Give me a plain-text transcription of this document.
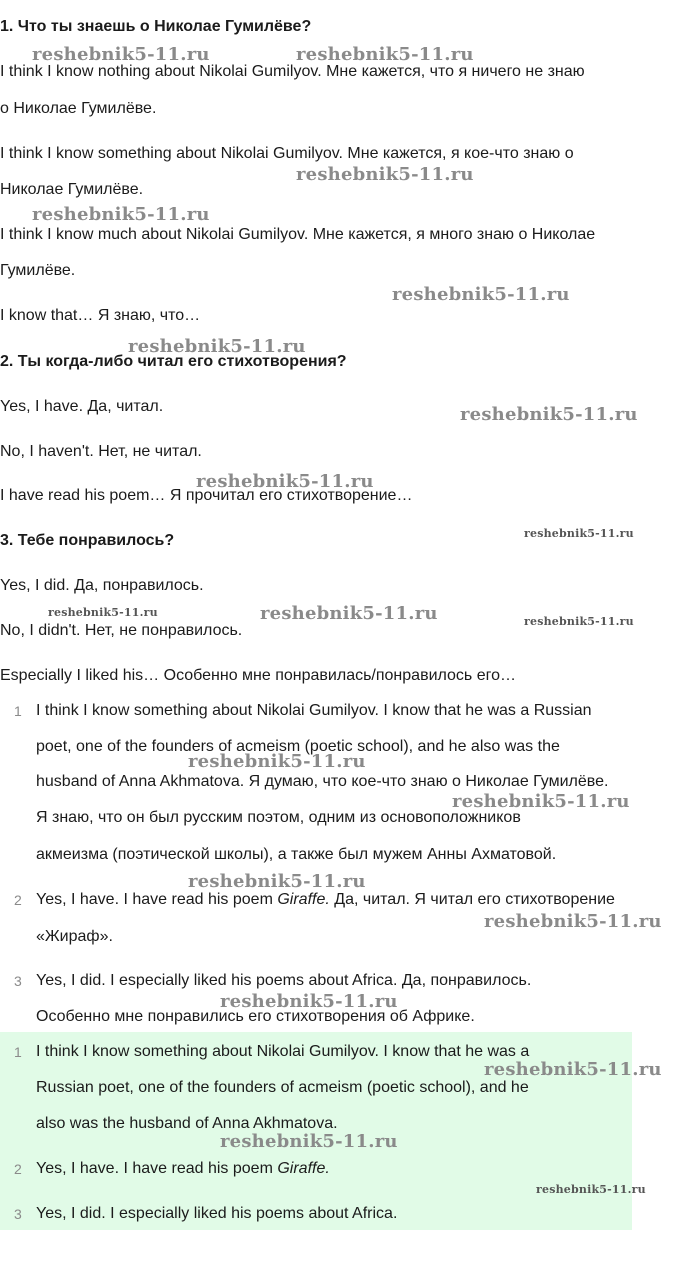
1. Что ты знаешь о Николае Гумилёве?
I think I know nothing about Nikolai Gumilyov. Мне кажется, что я ничего не знаю
о Николае Гумилёве.
I think I know something about Nikolai Gumilyov. Мне кажется, я кое-что знаю о
Николае Гумилёве.
I think I know much about Nikolai Gumilyov. Мне кажется, я много знаю о Николае
Гумилёве.
I know that… Я знаю, что…
2. Ты когда-либо читал его стихотворения?
Yes, I have. Да, читал.
No, I haven't. Нет, не читал.
I have read his poem… Я прочитал его стихотворение…
3. Тебе понравилось?
Yes, I did. Да, понравилось.
No, I didn't. Нет, не понравилось.
Especially I liked his… Особенно мне понравилась/понравилось его…
1 I think I know something about Nikolai Gumilyov. I know that he was a Russian
poet, one of the founders of acmeism (poetic school), and he also was the
husband of Anna Akhmatova. Я думаю, что кое-что знаю о Николае Гумилёве.
Я знаю, что он был русским поэтом, одним из основоположников
акмеизма (поэтической школы), а также был мужем Анны Ахматовой.
2 Yes, I have. I have read his poem Giraffe. Да, читал. Я читал его стихотворение
«Жираф».
3 Yes, I did. I especially liked his poems about Africa. Да, понравилось.
Особенно мне понравились его стихотворения об Африке.
1 I think I know something about Nikolai Gumilyov. I know that he was a
Russian poet, one of the founders of acmeism (poetic school), and he
also was the husband of Anna Akhmatova.
2 Yes, I have. I have read his poem Giraffe.
3 Yes, I did. I especially liked his poems about Africa.
reshebnik5-11.ru	reshebnik5-11.ru
reshebnik5-11.ru
reshebnik5-11.ru
reshebnik5-11.ru
reshebnik5-11.ru
reshebnik5-11.ru
reshebnik5-11.ru
reshebnik5-11.ru
reshebnik5-11.ru	reshebnik5-11.ru	reshebnik5-11.ru
reshebnik5-11.ru
reshebnik5-11.ru
reshebnik5-11.ru
reshebnik5-11.ru
reshebnik5-11.ru
reshebnik5-11.ru
reshebnik5-11.ru
reshebnik5-11.ru
